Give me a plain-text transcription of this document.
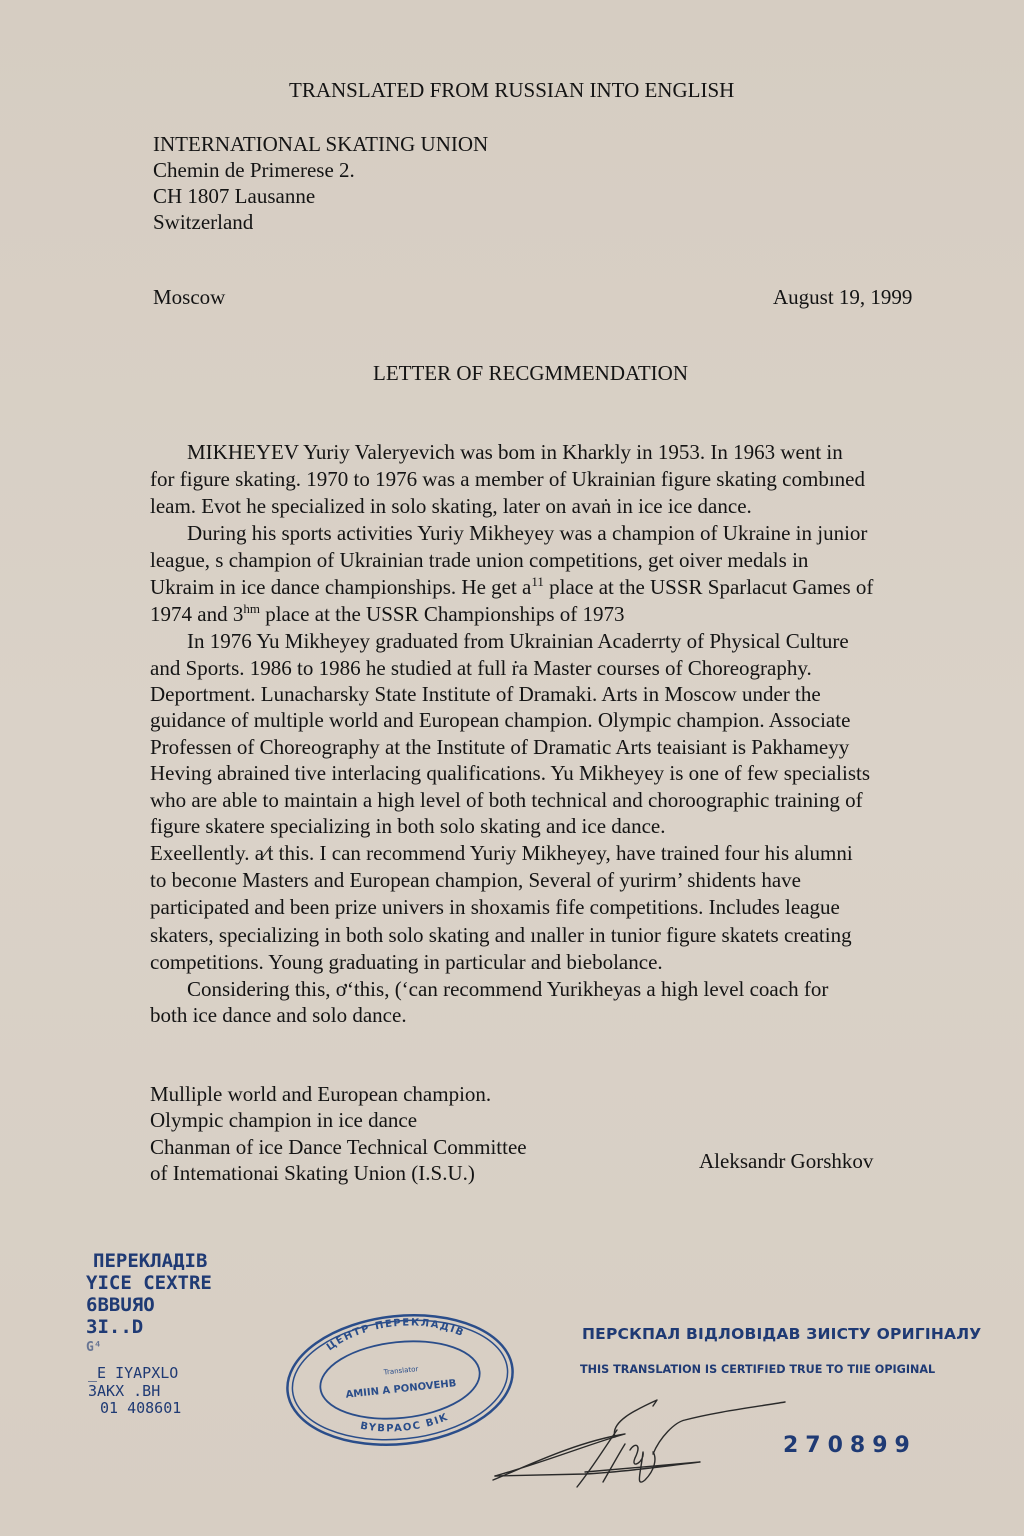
TRANSLATED FROM RUSSIAN INTO ENGLISH
INTERNATIONAL SKATING UNION
Chemin de Primerese 2.
CH 1807 Lausanne
Switzerland
Moscow	August 19, 1999
LETTER OF RECGMMENDATION
MIKHEYEV Yuriy Valeryevich was bom in Kharkly in 1953. In 1963 went in
for figure skating. 1970 to 1976 was a member of Ukrainian figure skating combıned
leam. Evot he specialized in solo skating, later on avaṅ in ice ice dance.
During his sports activities Yuriy Mikheyey was a champion of Ukraine in junior
league, s champion of Ukrainian trade union competitions, get oiver medals in
Ukraim in ice dance championships. He get $a^{11}$ place at the USSR Sparlacut Games of
1974 and $3^{hm}$ place at the USSR Championships of 1973
In 1976 Yu Mikheyey graduated from Ukrainian Acaderrty of Physical Culture
and Sports. 1986 to 1986 he studied at full ṙa Master courses of Choreography.
Deportment. Lunacharsky State Institute of Dramaki. Arts in Moscow under the
guidance of multiple world and European champion. Olympic champion. Associate
Professen of Choreography at the Institute of Dramatic Arts teaisiant is Pakhameyy
Heving abrained tive interlacing qualifications. Yu Mikheyey is one of few specialists
who are able to maintain a high level of both technical and choroographic training of
figure skatere specializing in both solo skating and ice dance.
Exeellently. a⁄t this. I can recommend Yuriy Mikheyey, have trained four his alumni
to beconıe Masters and European champion, Several of yurirm’ shidents have
participated and been prize univers in shoxamis fife competitions. Includes league
skaters, specializing in both solo skating and ınaller in tunior figure skatets creating
competitions. Young graduating in particular and biebolance.
Considering this, ơ‘this, (‘can recommend Yurikheyas a high level coach for
both ice dance and solo dance.
Mulliple world and European champion.
Olympic champion in ice dance
Chanman of ice Dance Technical Committee
of Intemationai Skating Union (I.S.U.)	Aleksandr Gorshkov
ПЕРЕКЛАДІВ
YICE CEXTRE
6BBUЯO
3I..D
G⁴
_E IYAPXLO
3AKX .BH
01 408601
ЦЕНТР ПЕРЕКЛАДІВ
BYBPAOC BIK
Translator
AMIIN A PONOVEHB
ПЕРСКПАЛ ВІДЛОВІДАВ ЗИІСТУ ОРИГІНАЛУ
THIS TRANSLATION IS CERTIFIED TRUE TO TIIE OPIGINAL
270899
